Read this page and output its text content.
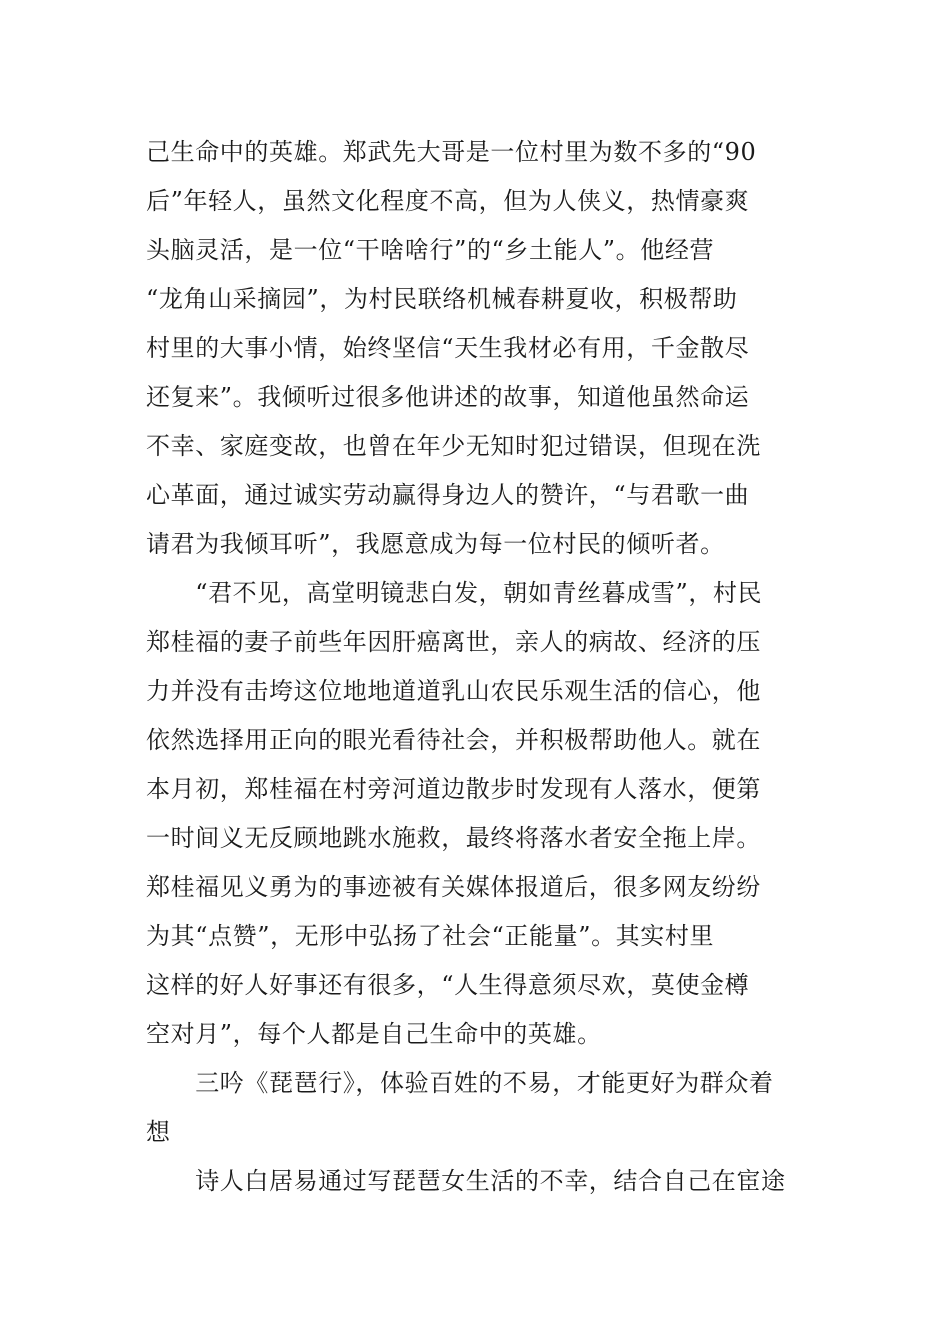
己生命中的英雄。郑武先大哥是一位村里为数不多的“90
后”年轻人，虽然文化程度不高，但为人侠义，热情豪爽
头脑灵活，是一位“干啥啥行”的“乡土能人”。他经营
“龙角山采摘园”，为村民联络机械春耕夏收，积极帮助
村里的大事小情，始终坚信“天生我材必有用，千金散尽
还复来”。我倾听过很多他讲述的故事，知道他虽然命运
不幸、家庭变故，也曾在年少无知时犯过错误，但现在洗
心革面，通过诚实劳动赢得身边人的赞许，“与君歌一曲
请君为我倾耳听”，我愿意成为每一位村民的倾听者。
　　“君不见，高堂明镜悲白发，朝如青丝暮成雪”，村民
郑桂福的妻子前些年因肝癌离世，亲人的病故、经济的压
力并没有击垮这位地地道道乳山农民乐观生活的信心，他
依然选择用正向的眼光看待社会，并积极帮助他人。就在
本月初，郑桂福在村旁河道边散步时发现有人落水，便第
一时间义无反顾地跳水施救，最终将落水者安全拖上岸。
郑桂福见义勇为的事迹被有关媒体报道后，很多网友纷纷
为其“点赞”，无形中弘扬了社会“正能量”。其实村里
这样的好人好事还有很多，“人生得意须尽欢，莫使金樽
空对月”，每个人都是自己生命中的英雄。
　　三吟《琵琶行》，体验百姓的不易，才能更好为群众着
想
　　诗人白居易通过写琵琶女生活的不幸，结合自己在宦途
